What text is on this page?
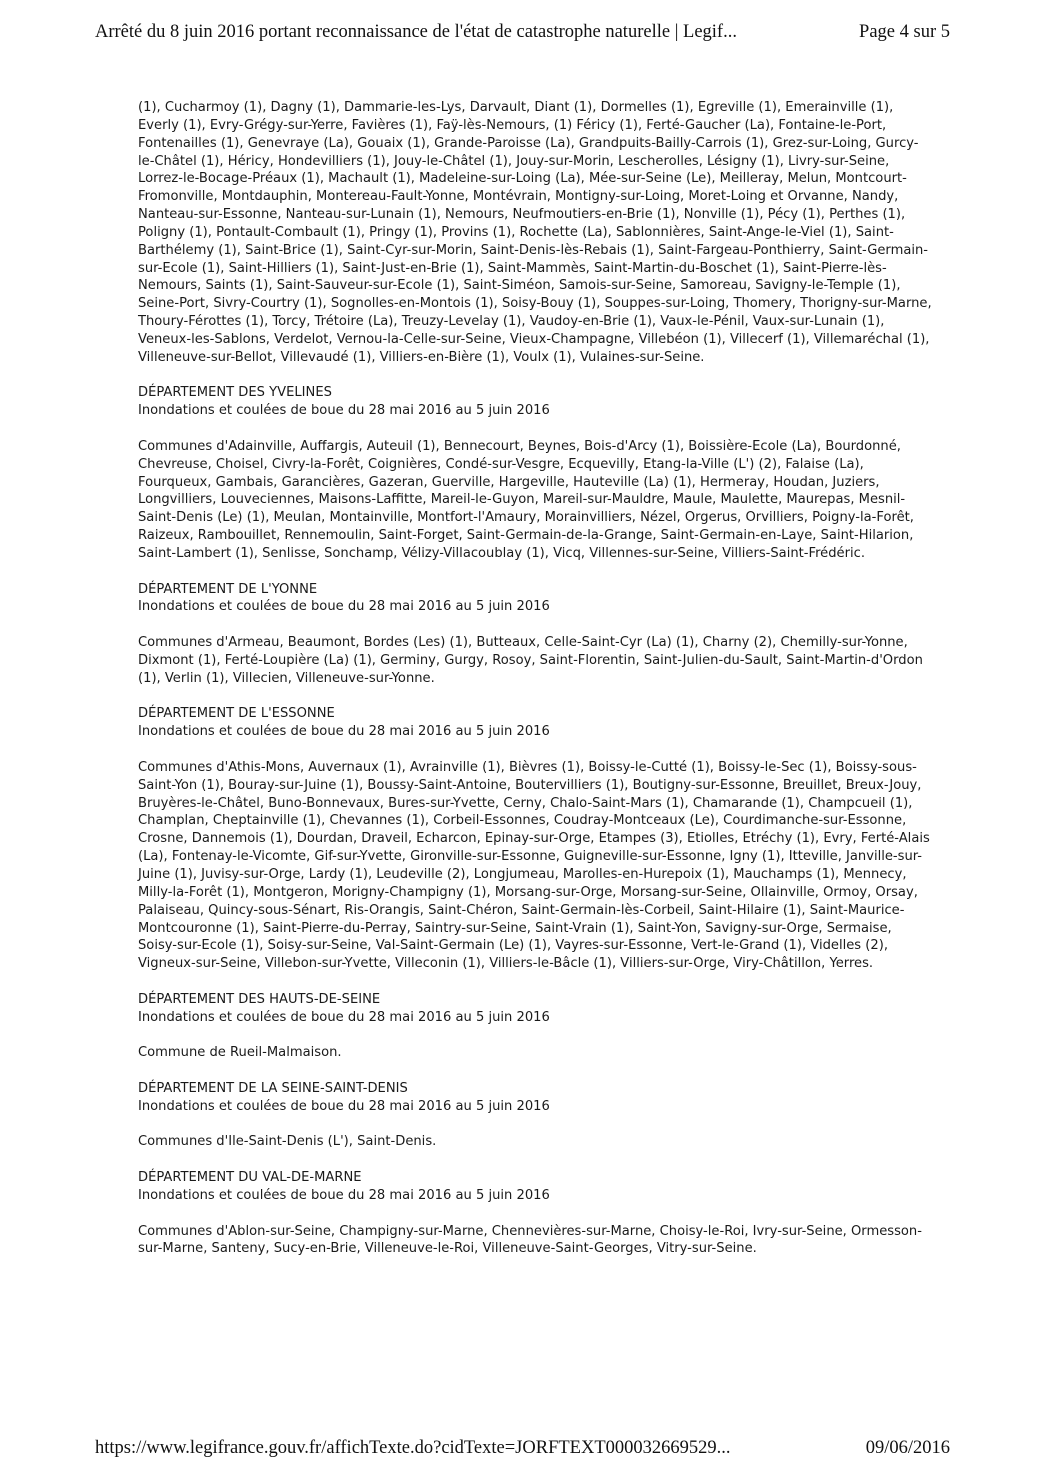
Arrêté du 8 juin 2016 portant reconnaissance de l'état de catastrophe naturelle | Legif...	Page 4 sur 5

(1), Cucharmoy (1), Dagny (1), Dammarie-les-Lys, Darvault, Diant (1), Dormelles (1), Egreville (1), Emerainville (1), Everly (1), Evry-Grégy-sur-Yerre, Favières (1), Faÿ-lès-Nemours, (1) Féricy (1), Ferté-Gaucher (La), Fontaine-le-Port, Fontenailles (1), Genevraye (La), Gouaix (1), Grande-Paroisse (La), Grandpuits-Bailly-Carrois (1), Grez-sur-Loing, Gurcy-le-Châtel (1), Héricy, Hondevilliers (1), Jouy-le-Châtel (1), Jouy-sur-Morin, Lescherolles, Lésigny (1), Livry-sur-Seine, Lorrez-le-Bocage-Préaux (1), Machault (1), Madeleine-sur-Loing (La), Mée-sur-Seine (Le), Meilleray, Melun, Montcourt-Fromonville, Montdauphin, Montereau-Fault-Yonne, Montévrain, Montigny-sur-Loing, Moret-Loing et Orvanne, Nandy, Nanteau-sur-Essonne, Nanteau-sur-Lunain (1), Nemours, Neufmoutiers-en-Brie (1), Nonville (1), Pécy (1), Perthes (1), Poligny (1), Pontault-Combault (1), Pringy (1), Provins (1), Rochette (La), Sablonnières, Saint-Ange-le-Viel (1), Saint-Barthélemy (1), Saint-Brice (1), Saint-Cyr-sur-Morin, Saint-Denis-lès-Rebais (1), Saint-Fargeau-Ponthierry, Saint-Germain-sur-Ecole (1), Saint-Hilliers (1), Saint-Just-en-Brie (1), Saint-Mammès, Saint-Martin-du-Boschet (1), Saint-Pierre-lès-Nemours, Saints (1), Saint-Sauveur-sur-Ecole (1), Saint-Siméon, Samois-sur-Seine, Samoreau, Savigny-le-Temple (1), Seine-Port, Sivry-Courtry (1), Sognolles-en-Montois (1), Soisy-Bouy (1), Souppes-sur-Loing, Thomery, Thorigny-sur-Marne, Thoury-Férottes (1), Torcy, Trétoire (La), Treuzy-Levelay (1), Vaudoy-en-Brie (1), Vaux-le-Pénil, Vaux-sur-Lunain (1), Veneux-les-Sablons, Verdelot, Vernou-la-Celle-sur-Seine, Vieux-Champagne, Villebéon (1), Villecerf (1), Villemaréchal (1), Villeneuve-sur-Bellot, Villevaudé (1), Villiers-en-Bière (1), Voulx (1), Vulaines-sur-Seine.

DÉPARTEMENT DES YVELINES

Inondations et coulées de boue du 28 mai 2016 au 5 juin 2016

Communes d'Adainville, Auffargis, Auteuil (1), Bennecourt, Beynes, Bois-d'Arcy (1), Boissière-Ecole (La), Bourdonné, Chevreuse, Choisel, Civry-la-Forêt, Coignières, Condé-sur-Vesgre, Ecquevilly, Etang-la-Ville (L') (2), Falaise (La), Fourqueux, Gambais, Garancières, Gazeran, Guerville, Hargeville, Hauteville (La) (1), Hermeray, Houdan, Juziers, Longvilliers, Louveciennes, Maisons-Laffitte, Mareil-le-Guyon, Mareil-sur-Mauldre, Maule, Maulette, Maurepas, Mesnil-Saint-Denis (Le) (1), Meulan, Montainville, Montfort-l'Amaury, Morainvilliers, Nézel, Orgerus, Orvilliers, Poigny-la-Forêt, Raizeux, Rambouillet, Rennemoulin, Saint-Forget, Saint-Germain-de-la-Grange, Saint-Germain-en-Laye, Saint-Hilarion, Saint-Lambert (1), Senlisse, Sonchamp, Vélizy-Villacoublay (1), Vicq, Villennes-sur-Seine, Villiers-Saint-Frédéric.

DÉPARTEMENT DE L'YONNE

Inondations et coulées de boue du 28 mai 2016 au 5 juin 2016

Communes d'Armeau, Beaumont, Bordes (Les) (1), Butteaux, Celle-Saint-Cyr (La) (1), Charny (2), Chemilly-sur-Yonne, Dixmont (1), Ferté-Loupière (La) (1), Germiny, Gurgy, Rosoy, Saint-Florentin, Saint-Julien-du-Sault, Saint-Martin-d'Ordon (1), Verlin (1), Villecien, Villeneuve-sur-Yonne.

DÉPARTEMENT DE L'ESSONNE

Inondations et coulées de boue du 28 mai 2016 au 5 juin 2016

Communes d'Athis-Mons, Auvernaux (1), Avrainville (1), Bièvres (1), Boissy-le-Cutté (1), Boissy-le-Sec (1), Boissy-sous-Saint-Yon (1), Bouray-sur-Juine (1), Boussy-Saint-Antoine, Boutervilliers (1), Boutigny-sur-Essonne, Breuillet, Breux-Jouy, Bruyères-le-Châtel, Buno-Bonnevaux, Bures-sur-Yvette, Cerny, Chalo-Saint-Mars (1), Chamarande (1), Champcueil (1), Champlan, Cheptainville (1), Chevannes (1), Corbeil-Essonnes, Coudray-Montceaux (Le), Courdimanche-sur-Essonne, Crosne, Dannemois (1), Dourdan, Draveil, Echarcon, Epinay-sur-Orge, Etampes (3), Etiolles, Etréchy (1), Evry, Ferté-Alais (La), Fontenay-le-Vicomte, Gif-sur-Yvette, Gironville-sur-Essonne, Guigneville-sur-Essonne, Igny (1), Itteville, Janville-sur-Juine (1), Juvisy-sur-Orge, Lardy (1), Leudeville (2), Longjumeau, Marolles-en-Hurepoix (1), Mauchamps (1), Mennecy, Milly-la-Forêt (1), Montgeron, Morigny-Champigny (1), Morsang-sur-Orge, Morsang-sur-Seine, Ollainville, Ormoy, Orsay, Palaiseau, Quincy-sous-Sénart, Ris-Orangis, Saint-Chéron, Saint-Germain-lès-Corbeil, Saint-Hilaire (1), Saint-Maurice-Montcouronne (1), Saint-Pierre-du-Perray, Saintry-sur-Seine, Saint-Vrain (1), Saint-Yon, Savigny-sur-Orge, Sermaise, Soisy-sur-Ecole (1), Soisy-sur-Seine, Val-Saint-Germain (Le) (1), Vayres-sur-Essonne, Vert-le-Grand (1), Videlles (2), Vigneux-sur-Seine, Villebon-sur-Yvette, Villeconin (1), Villiers-le-Bâcle (1), Villiers-sur-Orge, Viry-Châtillon, Yerres.

DÉPARTEMENT DES HAUTS-DE-SEINE

Inondations et coulées de boue du 28 mai 2016 au 5 juin 2016

Commune de Rueil-Malmaison.

DÉPARTEMENT DE LA SEINE-SAINT-DENIS

Inondations et coulées de boue du 28 mai 2016 au 5 juin 2016

Communes d'Ile-Saint-Denis (L'), Saint-Denis.

DÉPARTEMENT DU VAL-DE-MARNE

Inondations et coulées de boue du 28 mai 2016 au 5 juin 2016

Communes d'Ablon-sur-Seine, Champigny-sur-Marne, Chennevières-sur-Marne, Choisy-le-Roi, Ivry-sur-Seine, Ormesson-sur-Marne, Santeny, Sucy-en-Brie, Villeneuve-le-Roi, Villeneuve-Saint-Georges, Vitry-sur-Seine.

https://www.legifrance.gouv.fr/affichTexte.do?cidTexte=JORFTEXT000032669529...	09/06/2016
